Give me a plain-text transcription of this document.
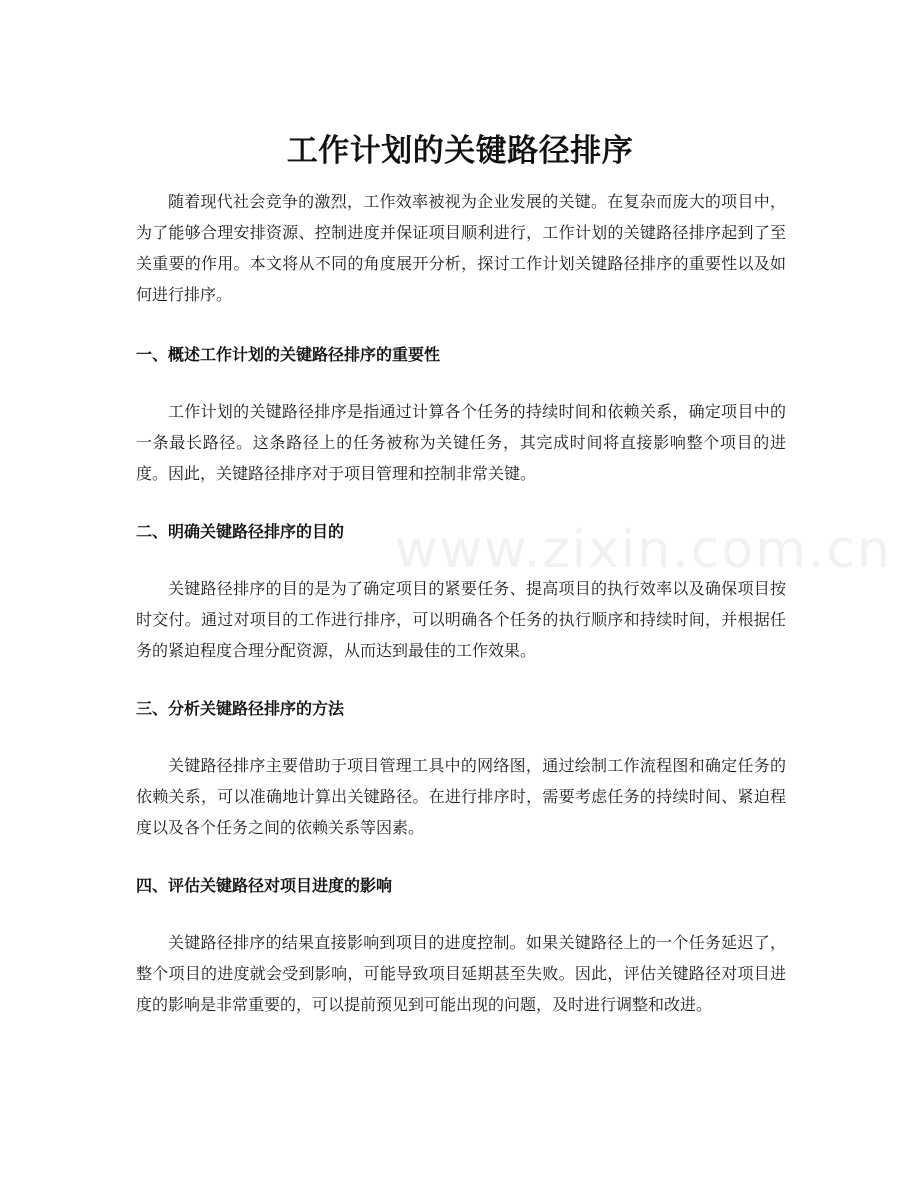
www.zixin.com.cn
工作计划的关键路径排序

随着现代社会竞争的激烈，工作效率被视为企业发展的关键。在复杂而庞大的项目中，为了能够合理安排资源、控制进度并保证项目顺利进行，工作计划的关键路径排序起到了至关重要的作用。本文将从不同的角度展开分析，探讨工作计划关键路径排序的重要性以及如何进行排序。

一、概述工作计划的关键路径排序的重要性

工作计划的关键路径排序是指通过计算各个任务的持续时间和依赖关系，确定项目中的一条最长路径。这条路径上的任务被称为关键任务，其完成时间将直接影响整个项目的进度。因此，关键路径排序对于项目管理和控制非常关键。

二、明确关键路径排序的目的

关键路径排序的目的是为了确定项目的紧要任务、提高项目的执行效率以及确保项目按时交付。通过对项目的工作进行排序，可以明确各个任务的执行顺序和持续时间，并根据任务的紧迫程度合理分配资源，从而达到最佳的工作效果。

三、分析关键路径排序的方法

关键路径排序主要借助于项目管理工具中的网络图，通过绘制工作流程图和确定任务的依赖关系，可以准确地计算出关键路径。在进行排序时，需要考虑任务的持续时间、紧迫程度以及各个任务之间的依赖关系等因素。

四、评估关键路径对项目进度的影响

关键路径排序的结果直接影响到项目的进度控制。如果关键路径上的一个任务延迟了，整个项目的进度就会受到影响，可能导致项目延期甚至失败。因此，评估关键路径对项目进度的影响是非常重要的，可以提前预见到可能出现的问题，及时进行调整和改进。
